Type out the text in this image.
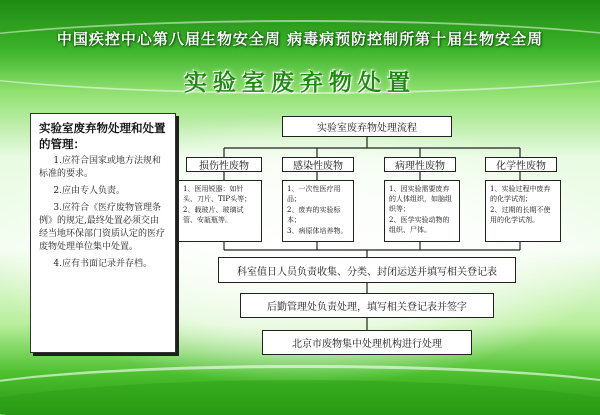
中国疾控中心第八届生物安全周 病毒病预防控制所第十届生物安全周
实验室废弃物处置
实验室废弃物处理和处置的管理：
1.应符合国家或地方法规和标准的要求。
2.应由专人负责。
3.应符合《医疗废物管理条例》的规定,最终处置必须交由经当地环保部门资质认定的医疗废物处理单位集中处置。
4.应有书面记录并存档。
实验室废弃物处理流程
损伤性废物	感染性废物	病理性废物	化学性废物
1、医用锐器：如针头、刀片、TIP头等；
2、载玻片、玻璃试管、安瓿瓶等。
1、一次性医疗用品；
2、废弃的实验标本；
3、病原体培养物。
1、因实验需要废弃的人体组织，如脑组织等；
2、医学实验动物的组织、尸体。
1、实验过程中废弃的化学试剂；
2、过期的长期不使用的化学试剂。
科室值日人员负责收集、分类、封闭运送并填写相关登记表
后勤管理处负责处理，填写相关登记表并签字
北京市废物集中处理机构进行处理
